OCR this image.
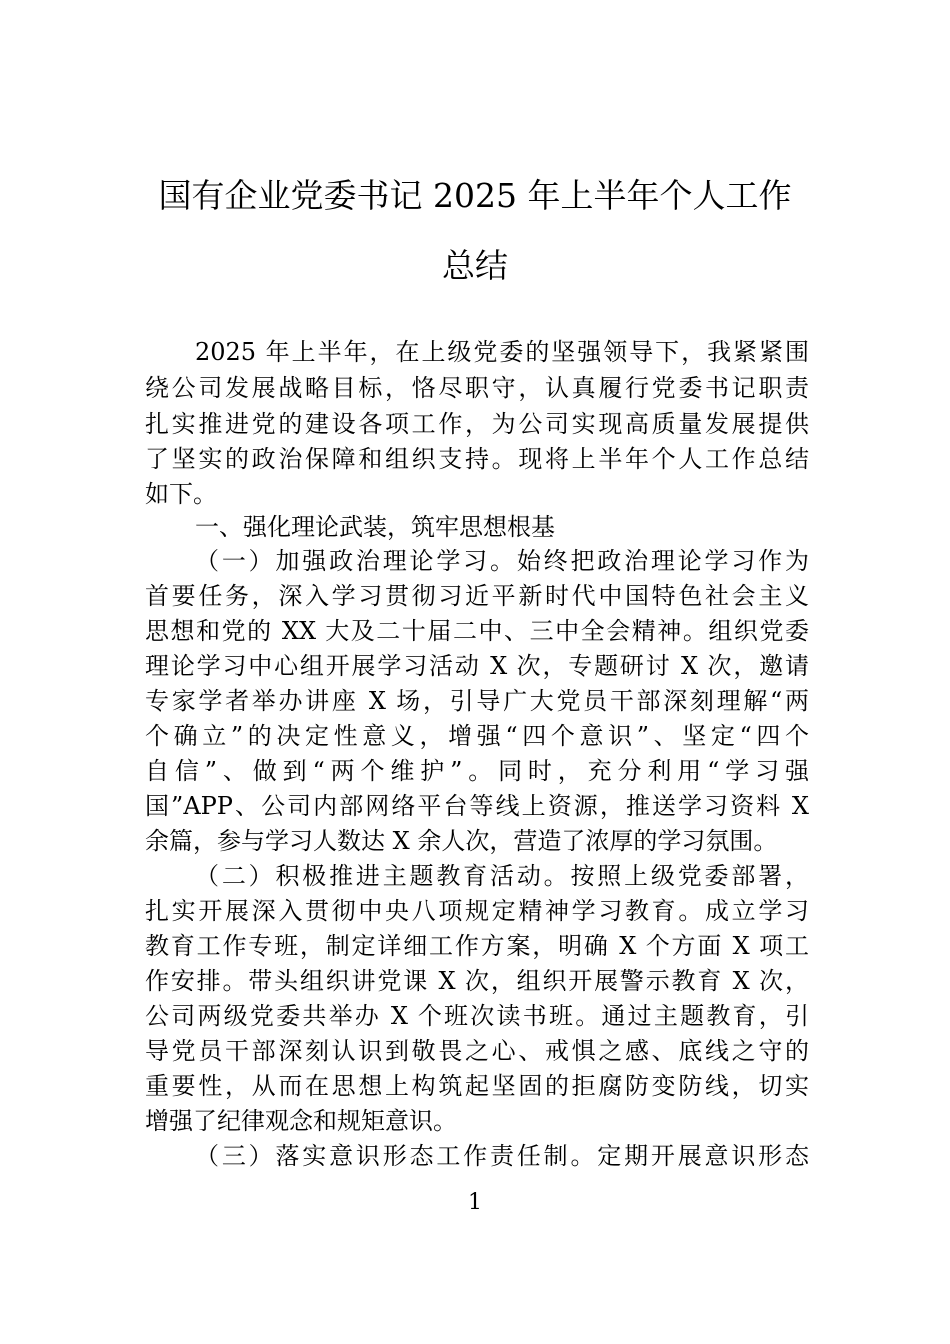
国有企业党委书记 2025 年上半年个人工作
总结
2025 年上半年，在上级党委的坚强领导下，我紧紧围
绕公司发展战略目标，恪尽职守，认真履行党委书记职责
扎实推进党的建设各项工作，为公司实现高质量发展提供
了坚实的政治保障和组织支持。现将上半年个人工作总结
如下。
一、强化理论武装，筑牢思想根基
（一）加强政治理论学习。始终把政治理论学习作为
首要任务，深入学习贯彻习近平新时代中国特色社会主义
思想和党的 XX 大及二十届二中、三中全会精神。组织党委
理论学习中心组开展学习活动 X 次，专题研讨 X 次，邀请
专家学者举办讲座 X 场，引导广大党员干部深刻理解“两
个确立”的决定性意义，增强“四个意识”、坚定“四个
自信”、做到“两个维护”。同时，充分利用“学习强
国”APP、公司内部网络平台等线上资源，推送学习资料 X
余篇，参与学习人数达 X 余人次，营造了浓厚的学习氛围。
（二）积极推进主题教育活动。按照上级党委部署，
扎实开展深入贯彻中央八项规定精神学习教育。成立学习
教育工作专班，制定详细工作方案，明确 X 个方面 X 项工
作安排。带头组织讲党课 X 次，组织开展警示教育 X 次，
公司两级党委共举办 X 个班次读书班。通过主题教育，引
导党员干部深刻认识到敬畏之心、戒惧之感、底线之守的
重要性，从而在思想上构筑起坚固的拒腐防变防线，切实
增强了纪律观念和规矩意识。
（三）落实意识形态工作责任制。定期开展意识形态
1
